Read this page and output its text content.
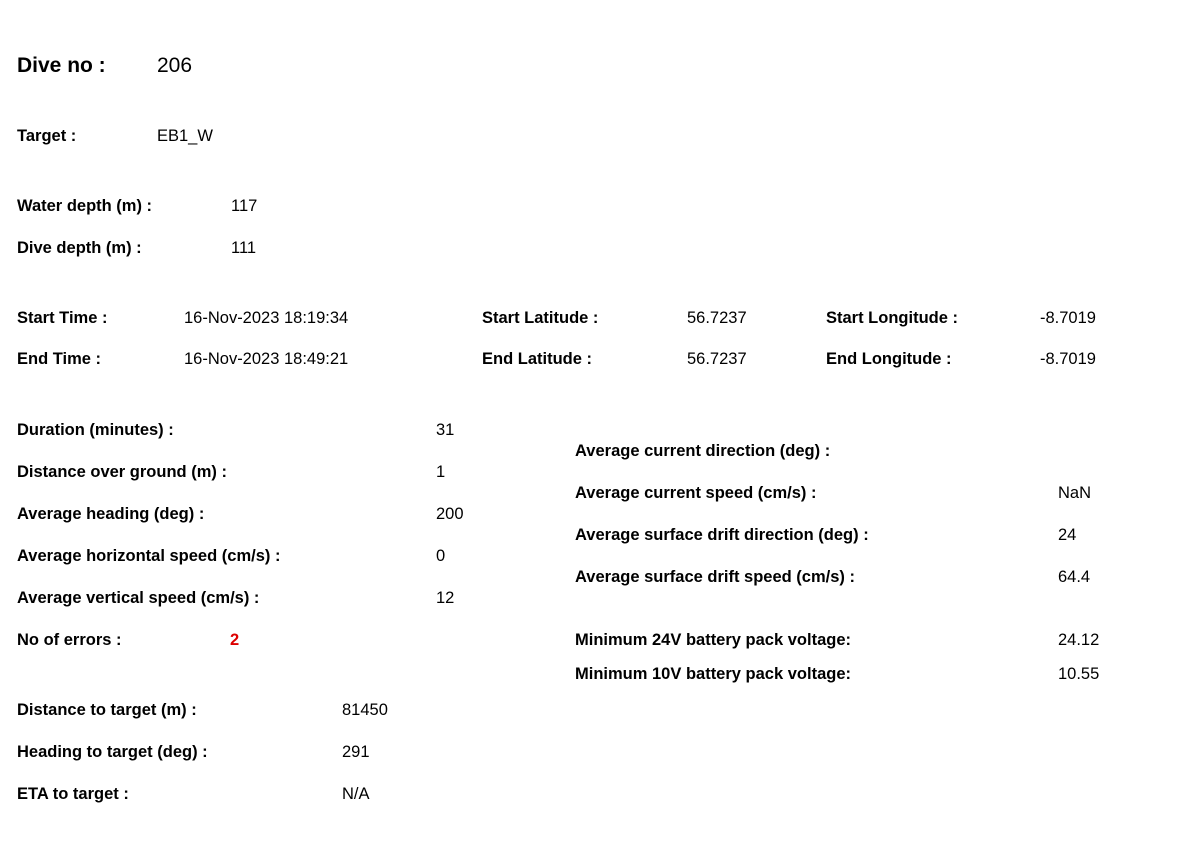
Dive no : 206
Target :	EB1_W
Water depth (m) :	117
Dive depth (m) :	111
Start Time :	16-Nov-2023 18:19:34	Start Latitude :	56.7237	Start Longitude :	-8.7019
End Time :	16-Nov-2023 18:49:21	End Latitude :	56.7237	End Longitude :	-8.7019
Duration (minutes) :	31
Distance over ground (m) :	1
Average heading (deg) :	200
Average horizontal speed (cm/s) :	0
Average vertical speed (cm/s) :	12
No of errors :	2
Average current direction (deg) :
Average current speed (cm/s) :	NaN
Average surface drift direction (deg) :	24
Average surface drift speed (cm/s) :	64.4
Minimum 24V battery pack voltage:	24.12
Minimum 10V battery pack voltage:	10.55
Distance to target (m) :	81450
Heading to target (deg) :	291
ETA to target :	N/A
